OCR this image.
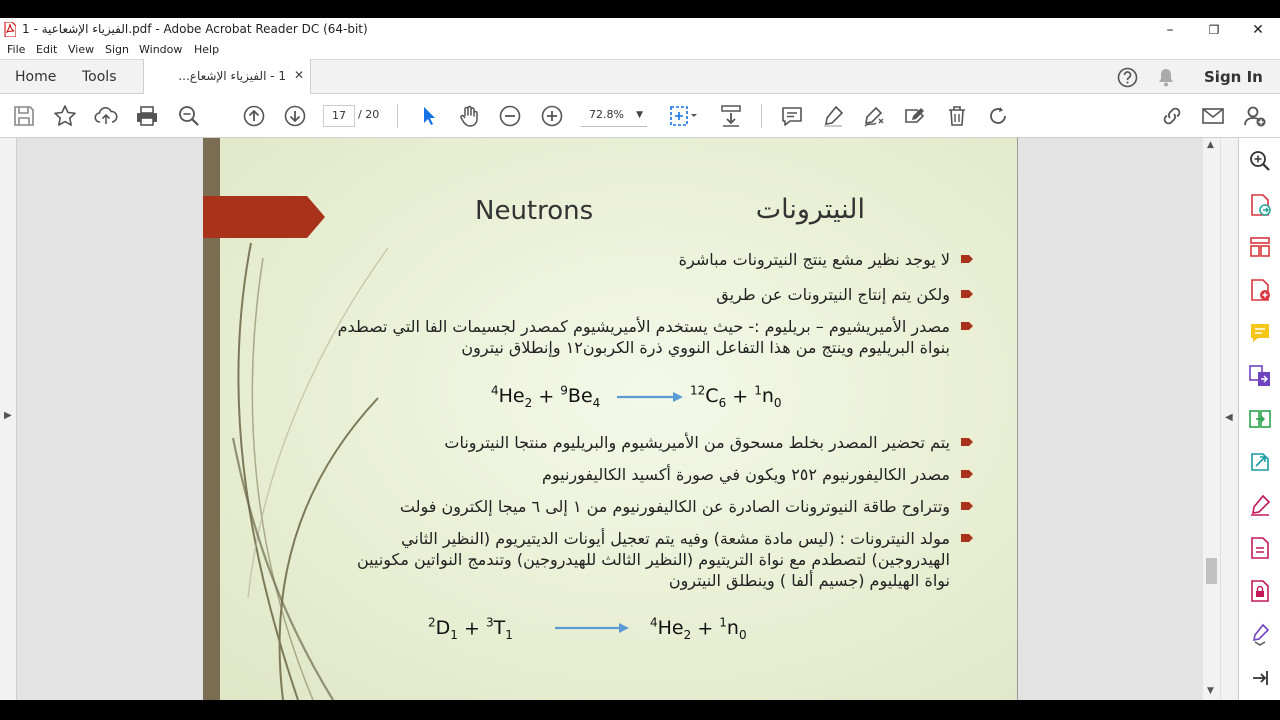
1 - الفيزياء الإشعاعية.pdf - Adobe Acrobat Reader DC (64-bit)	–	❐	✕
File Edit View Sign Window Help
Home Tools	1 - الفيزياء الإشعاع... ✕	Sign In
17	/ 20	72.8% ▼
▶
Neutrons	النيترونات
لا يوجد نظير مشع ينتج النيترونات مباشرة
ولكن يتم إنتاج النيترونات عن طريق
مصدر الأميريشيوم – بريليوم :- حيث يستخدم الأميريشيوم كمصدر لجسيمات الفا التي تصطدم بنواة البريليوم وينتج من هذا التفاعل النووي ذرة الكربون١٢ وإنطلاق نيترون
$^4He_2 + ^9Be_4$
$^{12}C_6 + ^1n_0$
يتم تحضير المصدر بخلط مسحوق من الأميريشيوم والبريليوم منتجا النيترونات
مصدر الكاليفورنيوم ٢٥٢ ويكون في صورة أكسيد الكاليفورنيوم
وتتراوح طاقة النيوترونات الصادرة عن الكاليفورنيوم من ١ إلى ٦ ميجا إلكترون فولت
مولد النيترونات : (ليس مادة مشعة) وفيه يتم تعجيل أيونات الديتيريوم (النظير الثاني الهيدروجين) لتصطدم مع نواة التريتيوم (النظير الثالث للهيدروجين) وتندمج النواتين مكونيين نواة الهيليوم (جسيم ألفا ) وينطلق النيترون
$^2D_1 + ^3T_1$
$^4He_2 + ^1n_0$
▲
▼
◀
